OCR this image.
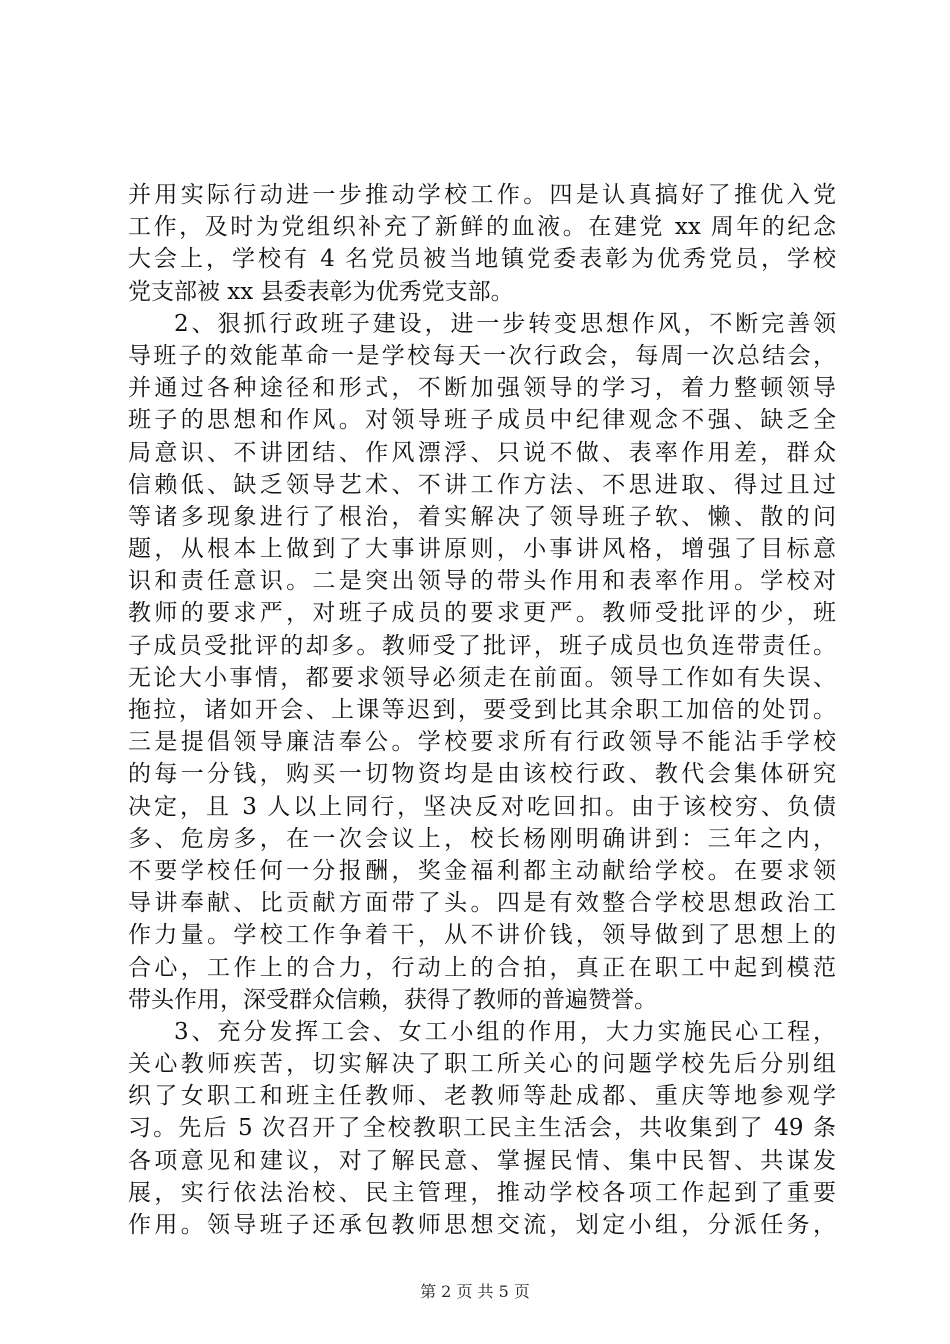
并用实际行动进一步推动学校工作。四是认真搞好了推优入党
工作，及时为党组织补充了新鲜的血液。在建党 xx 周年的纪念
大会上，学校有 4 名党员被当地镇党委表彰为优秀党员，学校
党支部被 xx 县委表彰为优秀党支部。
2、狠抓行政班子建设，进一步转变思想作风，不断完善领
导班子的效能革命一是学校每天一次行政会，每周一次总结会，
并通过各种途径和形式，不断加强领导的学习，着力整顿领导
班子的思想和作风。对领导班子成员中纪律观念不强、缺乏全
局意识、不讲团结、作风漂浮、只说不做、表率作用差，群众
信赖低、缺乏领导艺术、不讲工作方法、不思进取、得过且过
等诸多现象进行了根治，着实解决了领导班子软、懒、散的问
题，从根本上做到了大事讲原则，小事讲风格，增强了目标意
识和责任意识。二是突出领导的带头作用和表率作用。学校对
教师的要求严，对班子成员的要求更严。教师受批评的少，班
子成员受批评的却多。教师受了批评，班子成员也负连带责任。
无论大小事情，都要求领导必须走在前面。领导工作如有失误、
拖拉，诸如开会、上课等迟到，要受到比其余职工加倍的处罚。
三是提倡领导廉洁奉公。学校要求所有行政领导不能沾手学校
的每一分钱，购买一切物资均是由该校行政、教代会集体研究
决定，且 3 人以上同行，坚决反对吃回扣。由于该校穷、负债
多、危房多，在一次会议上，校长杨刚明确讲到：三年之内，
不要学校任何一分报酬，奖金福利都主动献给学校。在要求领
导讲奉献、比贡献方面带了头。四是有效整合学校思想政治工
作力量。学校工作争着干，从不讲价钱，领导做到了思想上的
合心，工作上的合力，行动上的合拍，真正在职工中起到模范
带头作用，深受群众信赖，获得了教师的普遍赞誉。
3、充分发挥工会、女工小组的作用，大力实施民心工程，
关心教师疾苦，切实解决了职工所关心的问题学校先后分别组
织了女职工和班主任教师、老教师等赴成都、重庆等地参观学
习。先后 5 次召开了全校教职工民主生活会，共收集到了 49 条
各项意见和建议，对了解民意、掌握民情、集中民智、共谋发
展，实行依法治校、民主管理，推动学校各项工作起到了重要
作用。领导班子还承包教师思想交流，划定小组，分派任务，
第 2 页 共 5 页
